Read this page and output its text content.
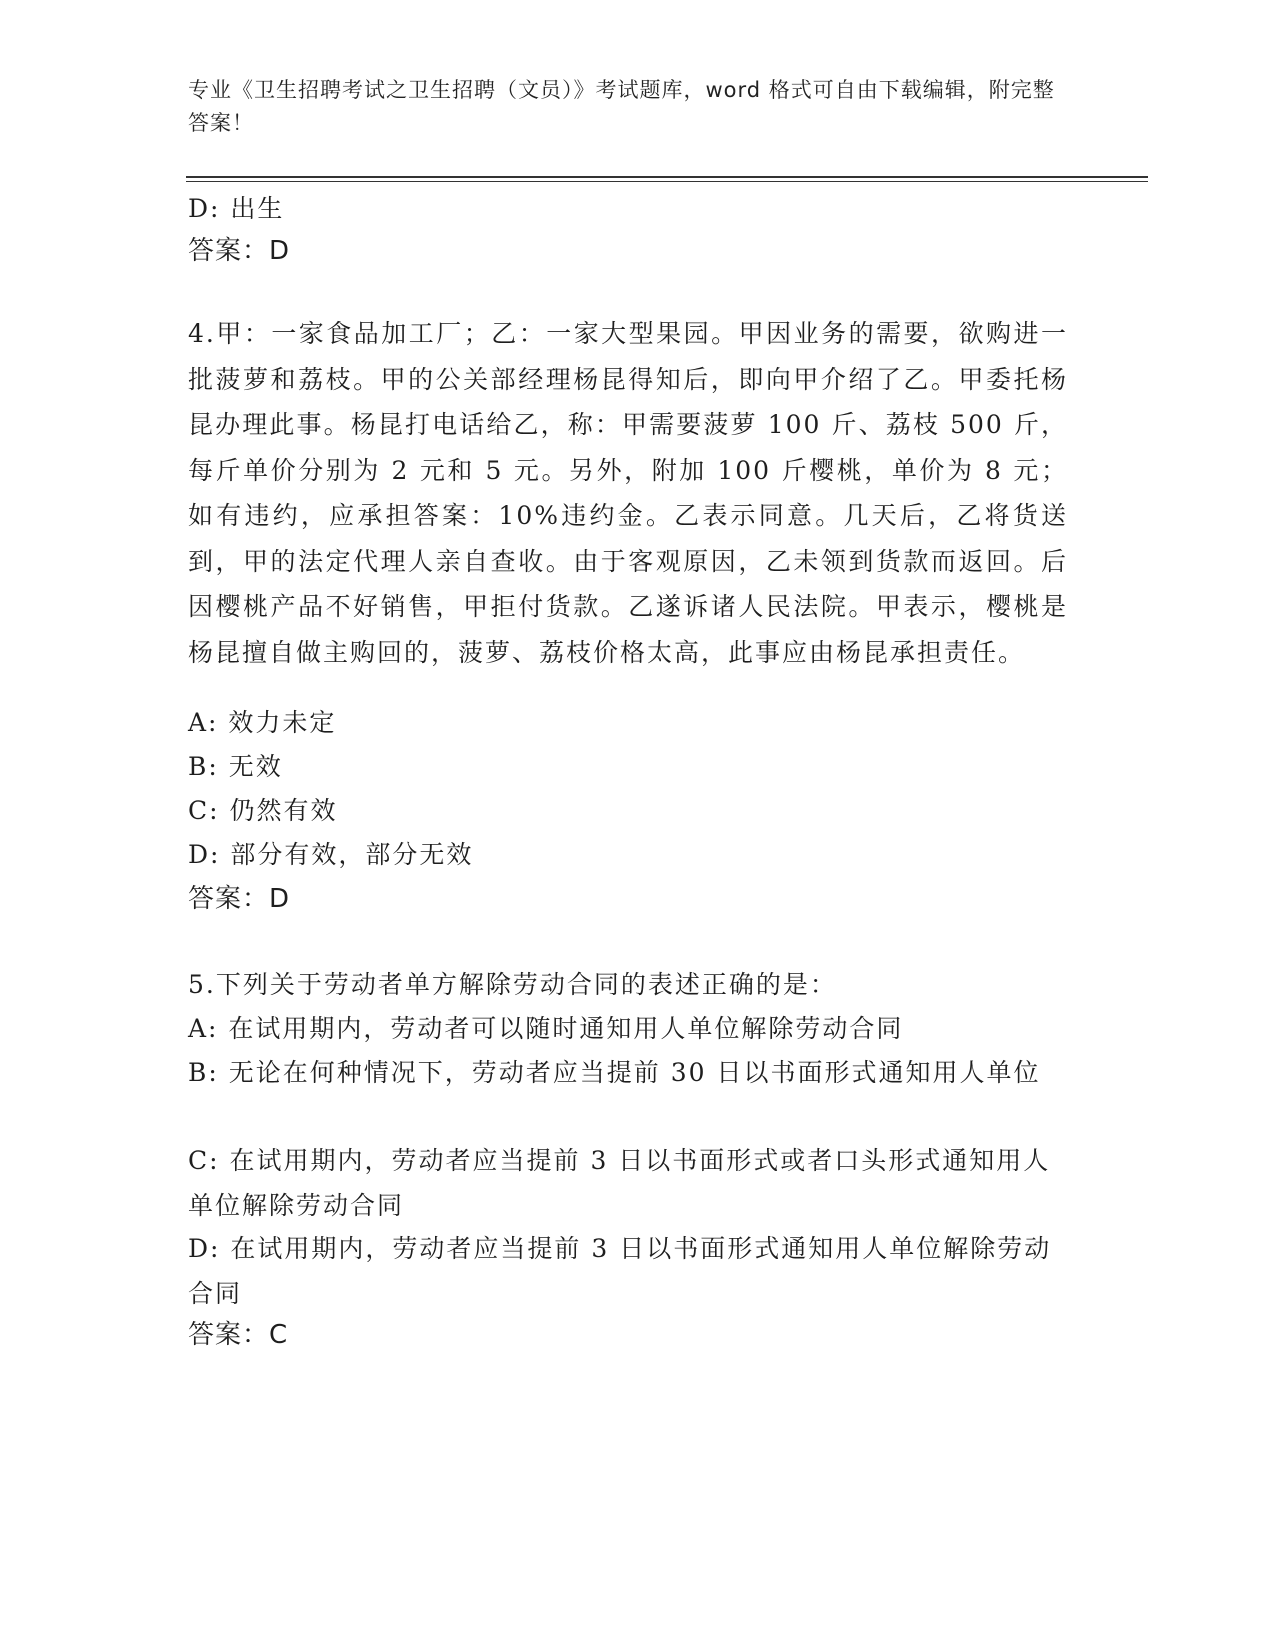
专业《卫生招聘考试之卫生招聘（文员）》考试题库，word 格式可自由下载编辑，附完整答案！
D: 出生
答案：D
4.甲：一家食品加工厂；乙：一家大型果园。甲因业务的需要，欲购进一批菠萝和荔枝。甲的公关部经理杨昆得知后，即向甲介绍了乙。甲委托杨昆办理此事。杨昆打电话给乙，称：甲需要菠萝 100 斤、荔枝 500 斤，每斤单价分别为 2 元和 5 元。另外，附加 100 斤樱桃，单价为 8 元；如有违约，应承担答案：10%违约金。乙表示同意。几天后，乙将货送到，甲的法定代理人亲自查收。由于客观原因，乙未领到货款而返回。后因樱桃产品不好销售，甲拒付货款。乙遂诉诸人民法院。甲表示，樱桃是杨昆擅自做主购回的，菠萝、荔枝价格太高，此事应由杨昆承担责任。
A: 效力未定
B: 无效
C: 仍然有效
D: 部分有效，部分无效
答案：D
5.下列关于劳动者单方解除劳动合同的表述正确的是：
A: 在试用期内，劳动者可以随时通知用人单位解除劳动合同
B: 无论在何种情况下，劳动者应当提前 30 日以书面形式通知用人单位
C: 在试用期内，劳动者应当提前 3 日以书面形式或者口头形式通知用人单位解除劳动合同
D: 在试用期内，劳动者应当提前 3 日以书面形式通知用人单位解除劳动合同
答案：C
